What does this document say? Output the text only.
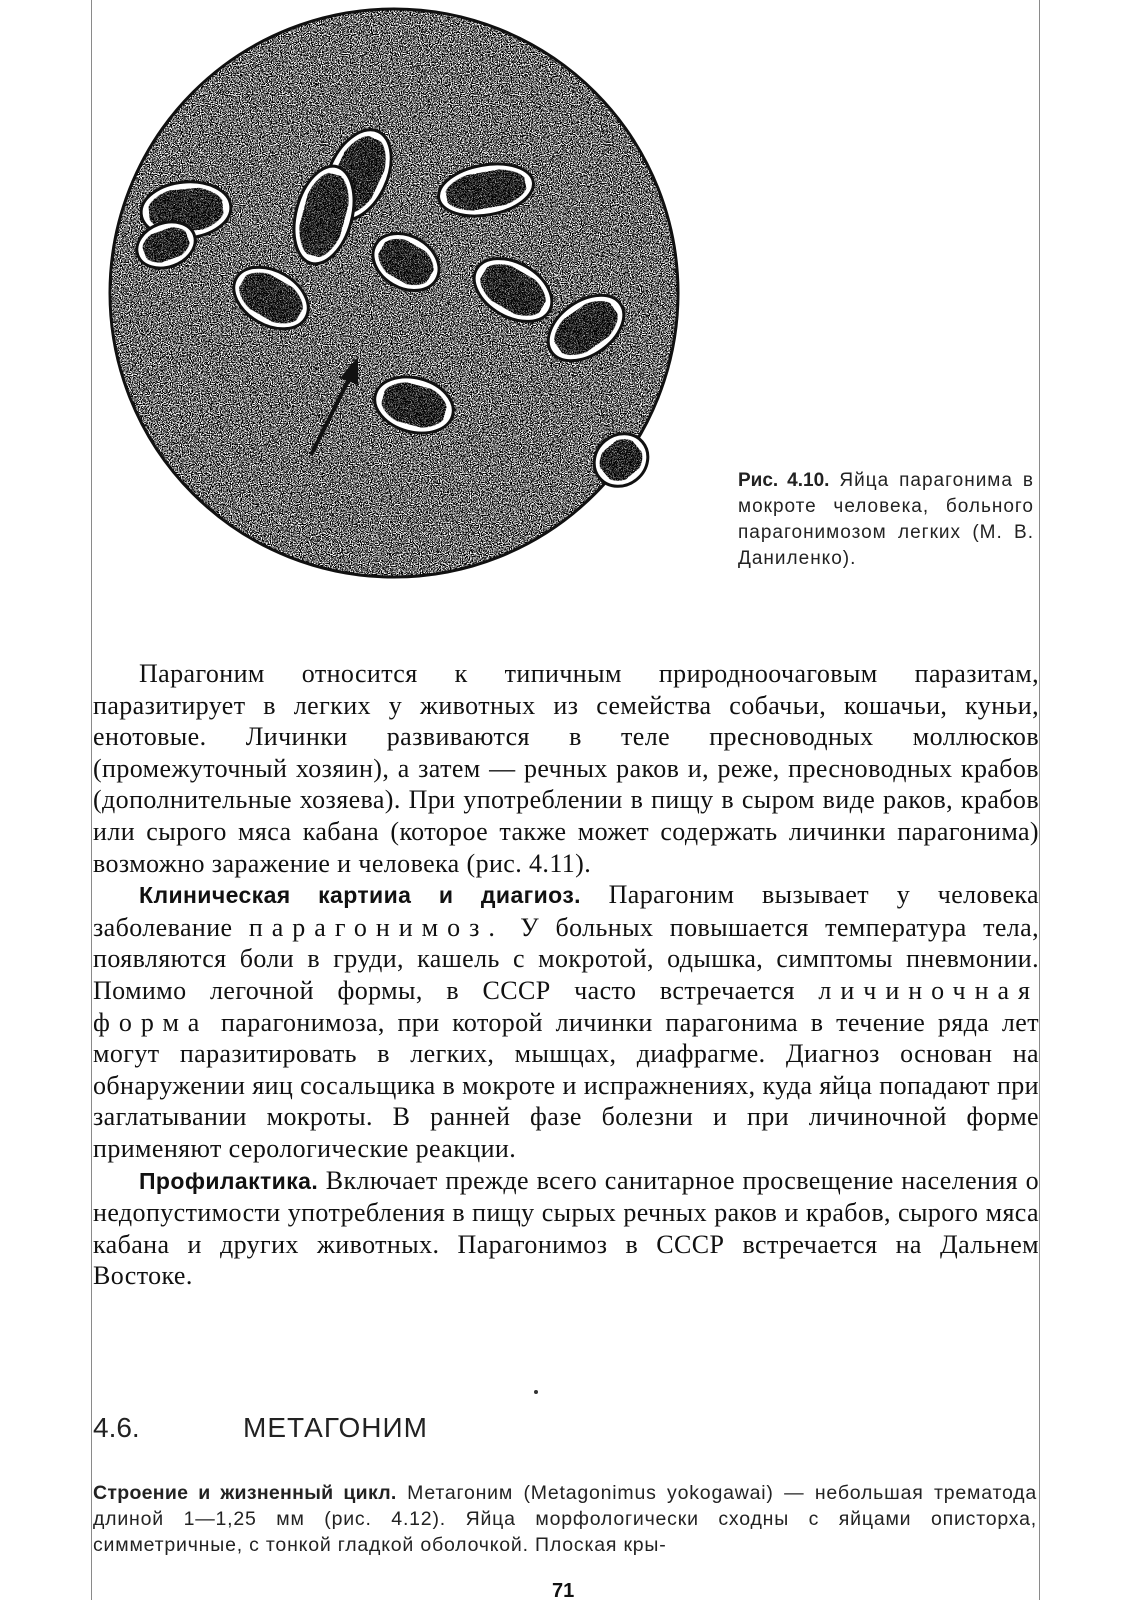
Рис. 4.10. Яйца парагонима в мокроте человека, больного парагонимозом легких (М. В. Даниленко).

Парагоним относится к типичным природноочаговым паразитам, паразитирует в легких у животных из семейства собачьи, кошачьи, куньи, енотовые. Личинки развиваются в теле пресноводных моллюсков (промежуточный хозяин), а затем — речных раков и, реже, пресноводных крабов (дополнительные хозяева). При употреблении в пищу в сыром виде раков, крабов или сырого мяса кабана (которое также может содержать личинки парагонима) возможно заражение и человека (рис. 4.11).

Клиническая картииа и диагиоз. Парагоним вызывает у человека заболевание парагонимоз. У больных повышается температура тела, появляются боли в груди, кашель с мокротой, одышка, симптомы пневмонии. Помимо легочной формы, в СССР часто встречается личиночная форма парагонимоза, при которой личинки парагонима в течение ряда лет могут паразитировать в легких, мышцах, диафрагме. Диагноз основан на обнаружении яиц сосальщика в мокроте и испражнениях, куда яйца попадают при заглатывании мокроты. В ранней фазе болезни и при личиночной форме применяют серологические реакции.

Профилактика. Включает прежде всего санитарное просвещение населения о недопустимости употребления в пищу сырых речных раков и крабов, сырого мяса кабана и других животных. Парагонимоз в СССР встречается на Дальнем Востоке.

4.6.	МЕТАГОНИМ
Строение и жизненный цикл. Метагоним (Metagonimus yokogawai) — небольшая трематода длиной 1—1,25 мм (рис. 4.12). Яйца морфологически сходны с яйцами описторха, симметричные, с тонкой гладкой оболочкой. Плоская кры-
71
